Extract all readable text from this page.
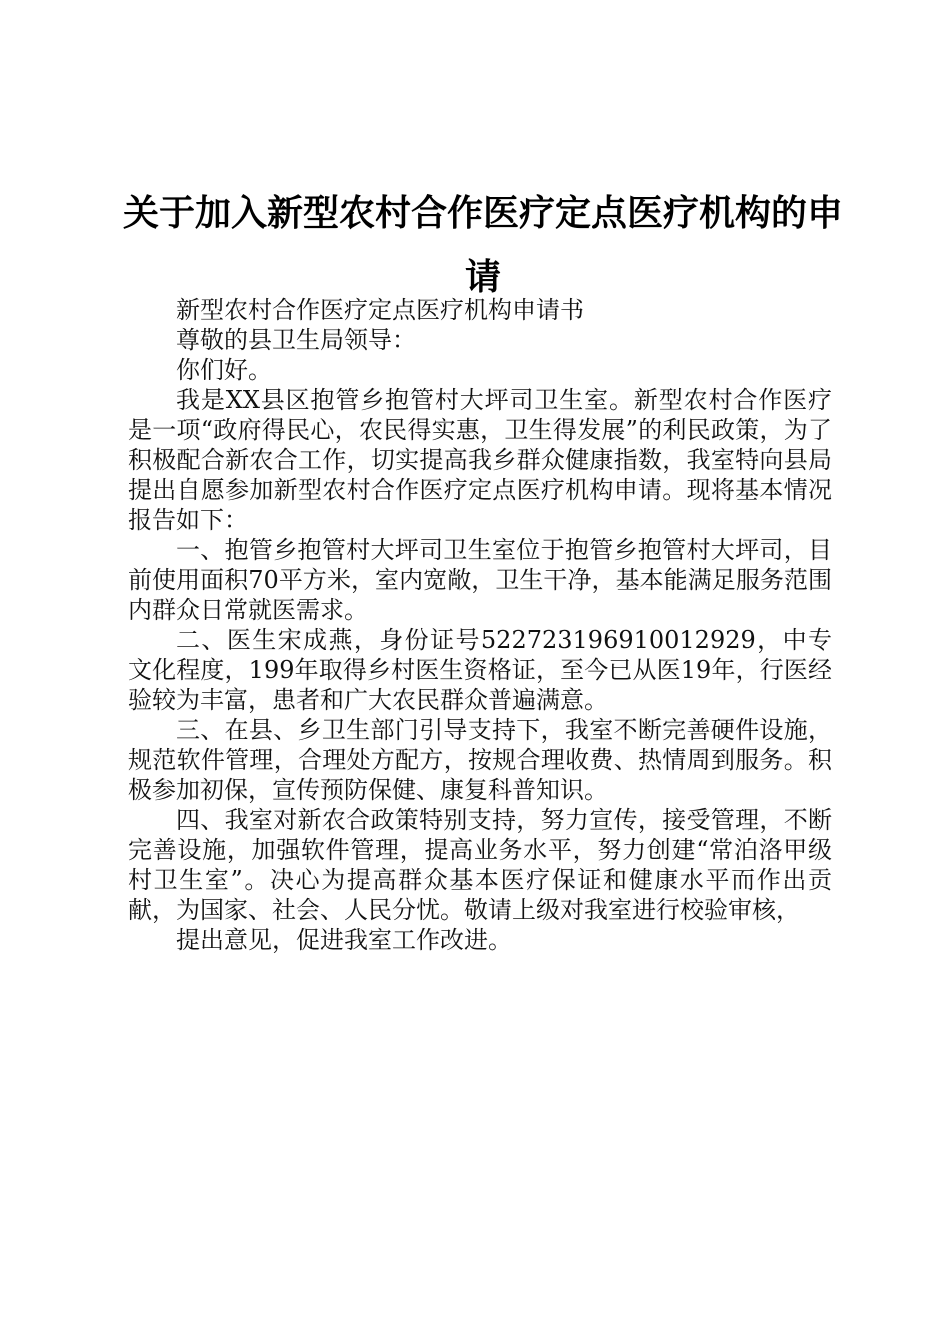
关于加入新型农村合作医疗定点医疗机构的申请

新型农村合作医疗定点医疗机构申请书

尊敬的县卫生局领导：

你们好。

我是XX县区抱管乡抱管村大坪司卫生室。新型农村合作医疗是一项“政府得民心，农民得实惠，卫生得发展”的利民政策，为了积极配合新农合工作，切实提高我乡群众健康指数，我室特向县局提出自愿参加新型农村合作医疗定点医疗机构申请。现将基本情况报告如下：

一、抱管乡抱管村大坪司卫生室位于抱管乡抱管村大坪司，目前使用面积70平方米，室内宽敞，卫生干净，基本能满足服务范围内群众日常就医需求。

二、医生宋成燕，身份证号522723196910012929，中专文化程度，199年取得乡村医生资格证，至今已从医19年，行医经验较为丰富，患者和广大农民群众普遍满意。

三、在县、乡卫生部门引导支持下，我室不断完善硬件设施，规范软件管理，合理处方配方，按规合理收费、热情周到服务。积极参加初保，宣传预防保健、康复科普知识。

四、我室对新农合政策特别支持，努力宣传，接受管理，不断完善设施，加强软件管理，提高业务水平，努力创建“常泊洛甲级村卫生室”。决心为提高群众基本医疗保证和健康水平而作出贡献，为国家、社会、人民分忧。敬请上级对我室进行校验审核，

提出意见，促进我室工作改进。
